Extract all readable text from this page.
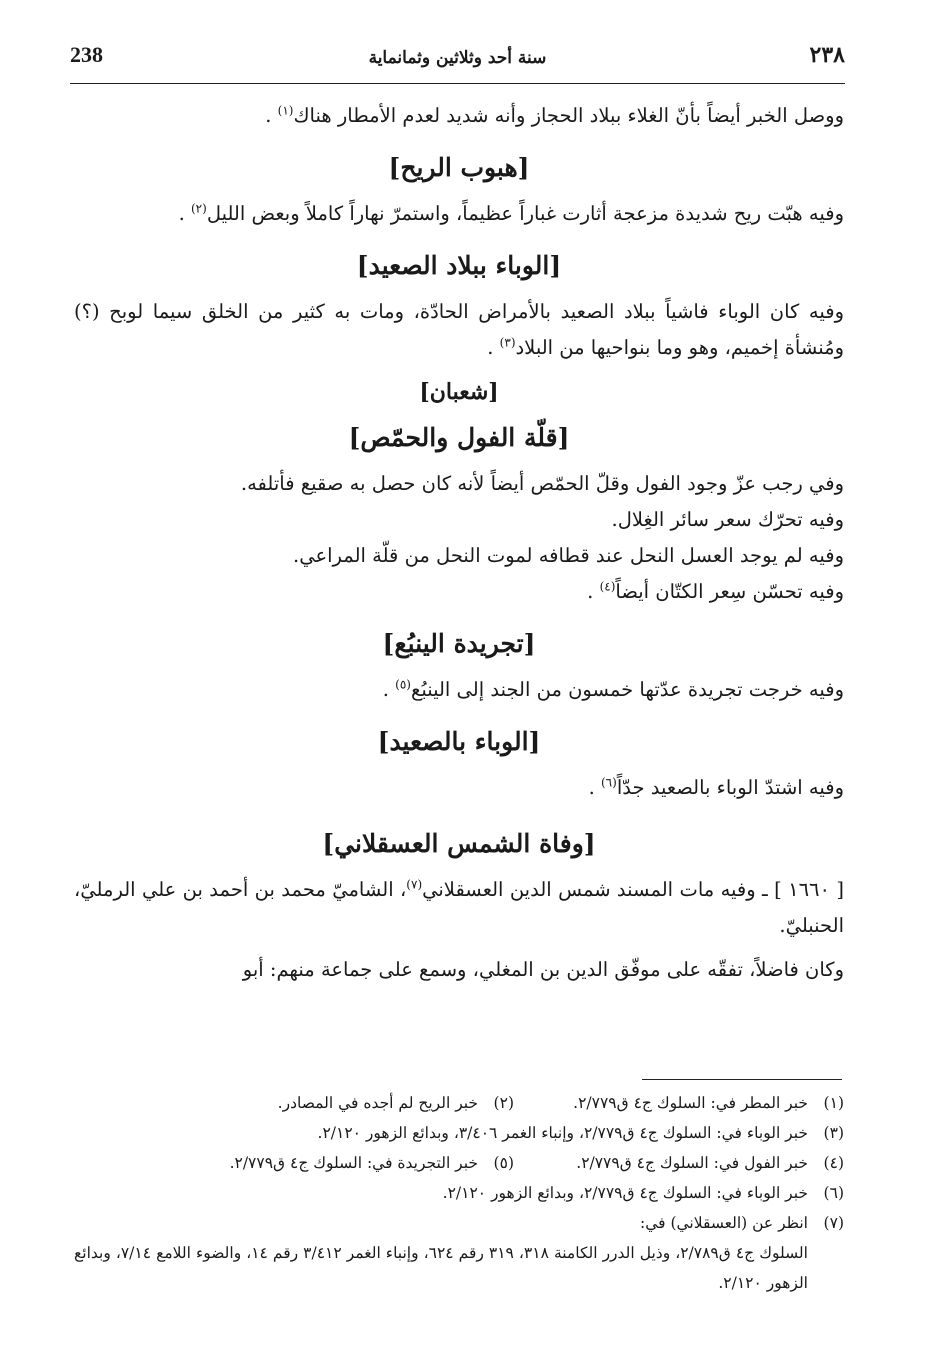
٢٣٨
سنة أحد وثلاثين وثمانماية
238

ووصل الخبر أيضاً بأنّ الغلاء ببلاد الحجاز وأنه شديد لعدم الأمطار هناك$^{(١)}$ .

[هبوب الريح]

وفيه هبّت ريح شديدة مزعجة أثارت غباراً عظيماً، واستمرّ نهاراً كاملاً وبعض الليل$^{(٢)}$ .

[الوباء ببلاد الصعيد]

وفيه كان الوباء فاشياً ببلاد الصعيد بالأمراض الحادّة، ومات به كثير من الخلق سيما لوبح (؟) ومُنشأة إخميم، وهو وما بنواحيها من البلاد$^{(٣)}$ .

[شعبان]
[قلّة الفول والحمّص]

وفي رجب عزّ وجود الفول وقلّ الحمّص أيضاً لأنه كان حصل به صقيع فأتلفه.

وفيه تحرّك سعر سائر الغِلال.

وفيه لم يوجد العسل النحل عند قطافه لموت النحل من قلّة المراعي.

وفيه تحسّن سِعر الكتّان أيضاً$^{(٤)}$ .

[تجريدة الينبُع]

وفيه خرجت تجريدة عدّتها خمسون من الجند إلى الينبُع$^{(٥)}$ .

[الوباء بالصعيد]

وفيه اشتدّ الوباء بالصعيد جدّاً$^{(٦)}$ .

[وفاة الشمس العسقلاني]

[ ١٦٦٠ ] ـ وفيه مات المسند شمس الدين العسقلاني$^{(٧)}$، الشاميّ محمد بن أحمد بن علي الرمليّ، الحنبليّ.

وكان فاضلاً، تفقّه على موفّق الدين بن المغلي، وسمع على جماعة منهم: أبو

(١)
خبر المطر في: السلوك ج٤ ق٢/٧٧٩.
(٢)
خبر الريح لم أجده في المصادر.
(٣)
خبر الوباء في: السلوك ج٤ ق٢/٧٧٩، وإنباء الغمر ٣/٤٠٦، وبدائع الزهور ٢/١٢٠.
(٤)
خبر الفول في: السلوك ج٤ ق٢/٧٧٩.
(٥)
خبر التجريدة في: السلوك ج٤ ق٢/٧٧٩.
(٦)
خبر الوباء في: السلوك ج٤ ق٢/٧٧٩، وبدائع الزهور ٢/١٢٠.
(٧)
انظر عن (العسقلاني) في:
السلوك ج٤ ق٢/٧٨٩، وذيل الدرر الكامنة ٣١٨، ٣١٩ رقم ٦٢٤، وإنباء الغمر ٣/٤١٢ رقم ١٤، والضوء اللامع ٧/١٤، وبدائع الزهور ٢/١٢٠.
